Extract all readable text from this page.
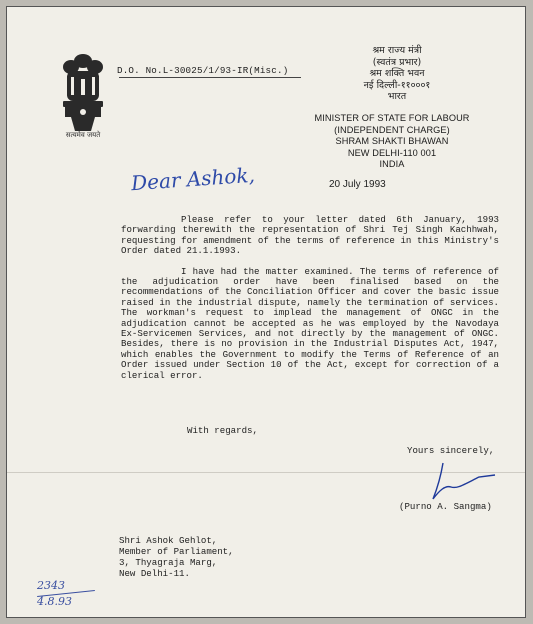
सत्यमेव जयते
D.O. No.L-30025/1/93-IR(Misc.)
श्रम राज्य मंत्री
(स्वतंत्र प्रभार)
श्रम शक्ति भवन
नई दिल्ली-११०००१
भारत
MINISTER OF STATE FOR LABOUR
(INDEPENDENT CHARGE)
SHRAM SHAKTI BHAWAN
NEW DELHI-110 001
INDIA
20 July 1993
Dear Ashok,

Please refer to your letter dated 6th January, 1993 forwarding therewith the representation of Shri Tej Singh Kachhwah, requesting for amendment of the terms of reference in this Ministry's Order dated 21.1.1993.

I have had the matter examined. The terms of reference of the adjudication order have been finalised based on the recommendations of the Conciliation Officer and cover the basic issue raised in the industrial dispute, namely the termination of services. The workman's request to implead the management of ONGC in the adjudication cannot be accepted as he was employed by the Navodaya Ex-Servicemen Services, and not directly by the management of ONGC. Besides, there is no provision in the Industrial Disputes Act, 1947, which enables the Government to modify the Terms of Reference of an Order issued under Section 10 of the Act, except for correction of a clerical error.

With regards,
Yours sincerely,
(Purno A. Sangma)
Shri Ashok Gehlot,
Member of Parliament,
3, Thyagraja Marg,
New Delhi-11.
2343
4.8.93
